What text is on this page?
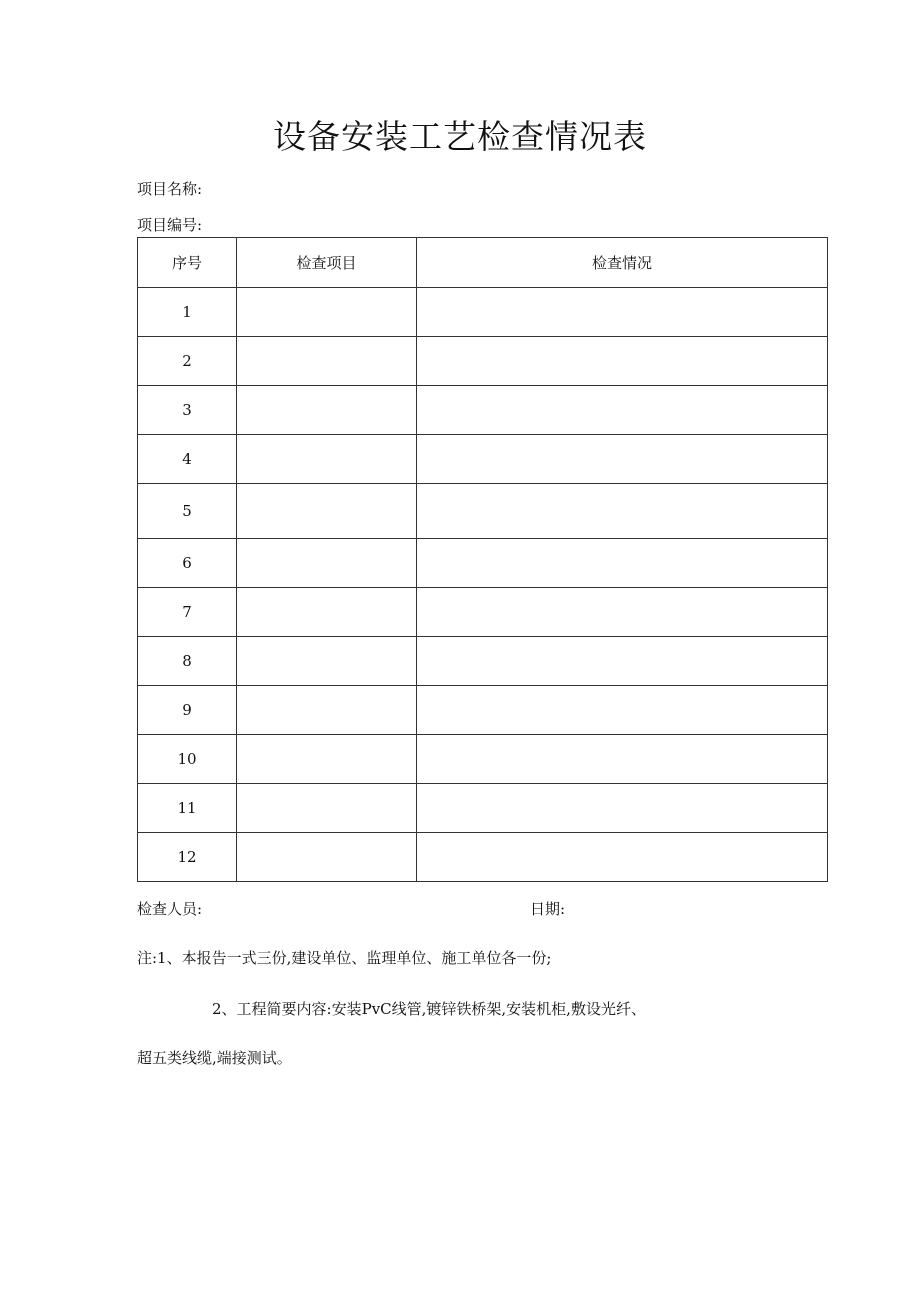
设备安装工艺检查情况表
项目名称:
项目编号:
序号	检查项目	检查情况
1		
2		
3		
4		
5		
6		
7		
8		
9		
10		
11		
12		
检查人员:	日期:
注:1、本报告一式三份,建设单位、监理单位、施工单位各一份;
2、工程简要内容:安装PvC线管,镀锌铁桥架,安装机柜,敷设光纤、
超五类线缆,端接测试。
